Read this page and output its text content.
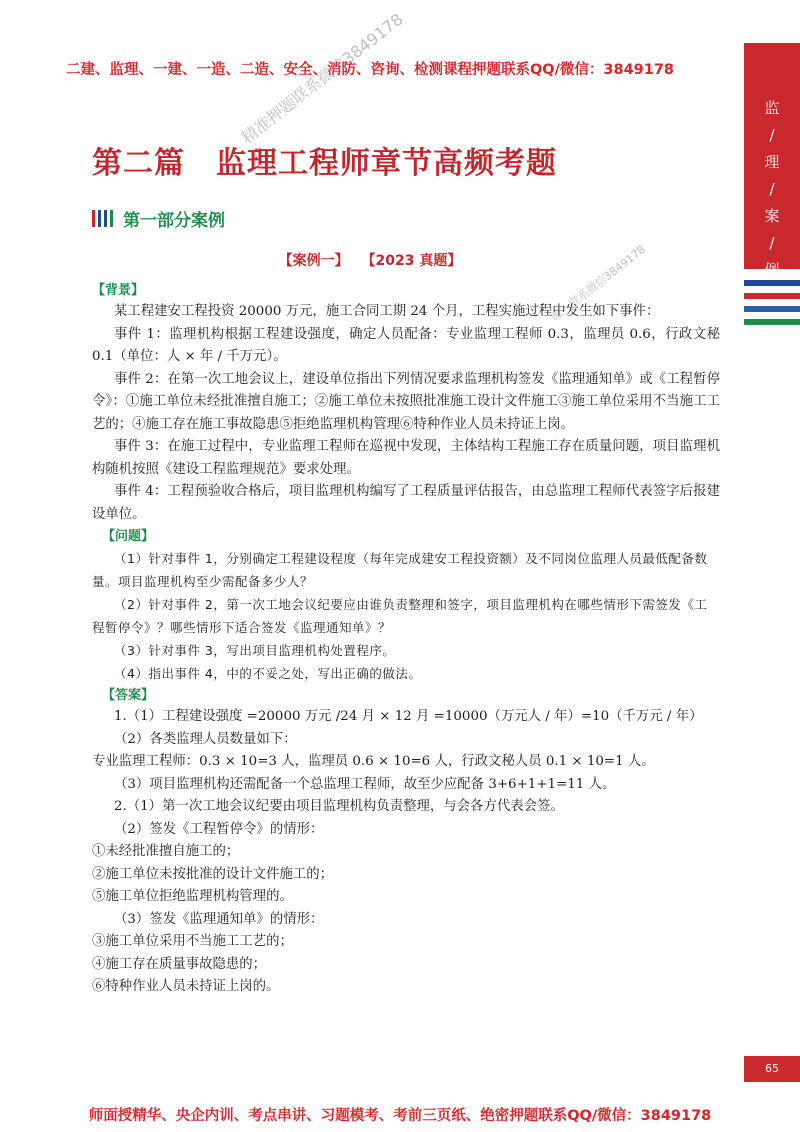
二建、监理、一建、一造、二造、安全、消防、咨询、检测课程押题联系QQ/微信：3849178
监
/
理
/
案
/
例
精准押题联系微信3849178
唯一联系微信3849178
第二篇　监理工程师章节高频考题
第一部分案例
【案例一】 【2023 真题】
【背景】
某工程建安工程投资 20000 万元，施工合同工期 24 个月，工程实施过程中发生如下事件：
事件 1：监理机构根据工程建设强度，确定人员配备：专业监理工程师 0.3，监理员 0.6，行政文秘 0.1（单位：人 × 年 / 千万元）。
事件 2：在第一次工地会议上，建设单位指出下列情况要求监理机构签发《监理通知单》或《工程暂停令》：①施工单位未经批准擅自施工；②施工单位未按照批准施工设计文件施工③施工单位采用不当施工工艺的；④施工存在施工事故隐患⑤拒绝监理机构管理⑥特种作业人员未持证上岗。
事件 3：在施工过程中，专业监理工程师在巡视中发现，主体结构工程施工存在质量问题，项目监理机构随机按照《建设工程监理规范》要求处理。
事件 4：工程预验收合格后，项目监理机构编写了工程质量评估报告，由总监理工程师代表签字后报建设单位。
【问题】
（1）针对事件 1，分别确定工程建设程度（每年完成建安工程投资额）及不同岗位监理人员最低配备数量。项目监理机构至少需配备多少人？
（2）针对事件 2，第一次工地会议纪要应由谁负责整理和签字，项目监理机构在哪些情形下需签发《工程暂停令》？哪些情形下适合签发《监理通知单》？
（3）针对事件 3，写出项目监理机构处置程序。
（4）指出事件 4，中的不妥之处，写出正确的做法。
【答案】
1.（1）工程建设强度 =20000 万元 /24 月 × 12 月 =10000（万元人 / 年）=10（千万元 / 年）
（2）各类监理人员数量如下：
专业监理工程师：0.3 × 10=3 人，监理员 0.6 × 10=6 人，行政文秘人员 0.1 × 10=1 人。
（3）项目监理机构还需配备一个总监理工程师，故至少应配备 3+6+1+1=11 人。
2.（1）第一次工地会议纪要由项目监理机构负责整理，与会各方代表会签。
（2）签发《工程暂停令》的情形：
①未经批准擅自施工的；
②施工单位未按批准的设计文件施工的；
⑤施工单位拒绝监理机构管理的。
（3）签发《监理通知单》的情形：
③施工单位采用不当施工工艺的；
④施工存在质量事故隐患的；
⑥特种作业人员未持证上岗的。
65
师面授精华、央企内训、考点串讲、习题模考、考前三页纸、绝密押题联系QQ/微信：3849178
